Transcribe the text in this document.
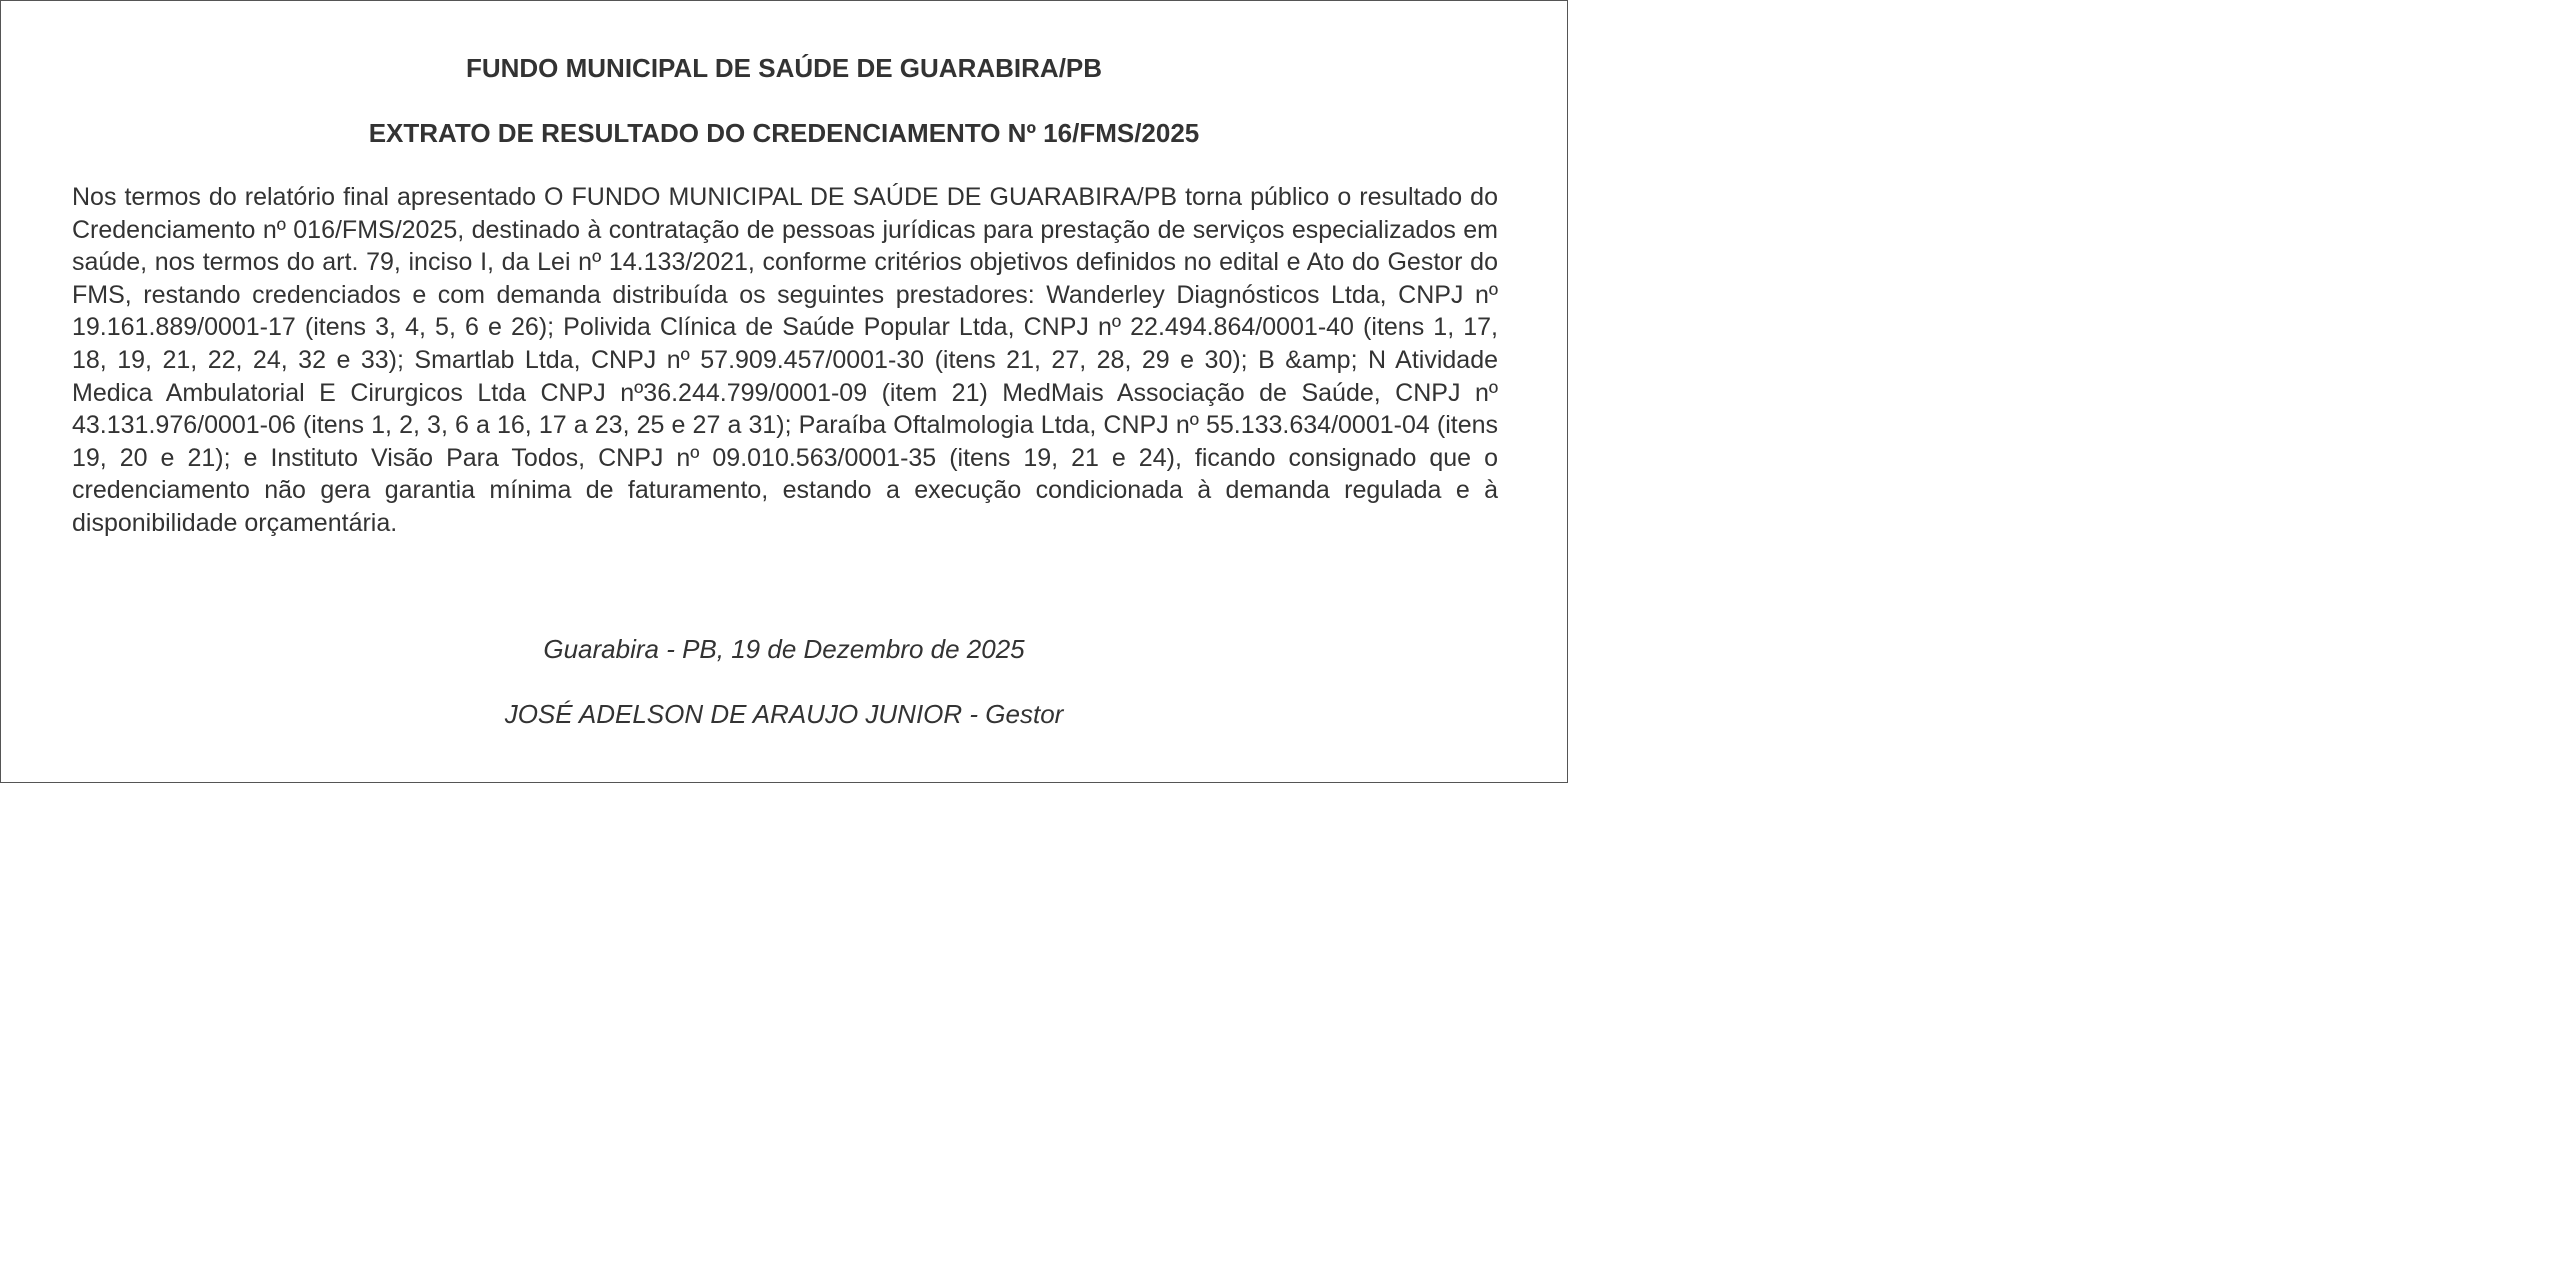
FUNDO MUNICIPAL DE SAÚDE DE GUARABIRA/PB
EXTRATO DE RESULTADO DO CREDENCIAMENTO Nº 16/FMS/2025

Nos termos do relatório final apresentado O FUNDO MUNICIPAL DE SAÚDE DE GUARABIRA/PB torna público o resultado do Credenciamento nº 016/FMS/2025, destinado à contratação de pessoas jurídicas para prestação de serviços especializados em saúde, nos termos do art. 79, inciso I, da Lei nº 14.133/2021, conforme critérios objetivos definidos no edital e Ato do Gestor do FMS, restando credenciados e com demanda distribuída os seguintes prestadores: Wanderley Diagnósticos Ltda, CNPJ nº 19.161.889/0001-17 (itens 3, 4, 5, 6 e 26); Polivida Clínica de Saúde Popular Ltda, CNPJ nº 22.494.864/0001-40 (itens 1, 17, 18, 19, 21, 22, 24, 32 e 33); Smartlab Ltda, CNPJ nº 57.909.457/0001-30 (itens 21, 27, 28, 29 e 30); B &amp; N Atividade Medica Ambulatorial E Cirurgicos Ltda CNPJ nº36.244.799/0001-09 (item 21) MedMais Associação de Saúde, CNPJ nº 43.131.976/0001-06 (itens 1, 2, 3, 6 a 16, 17 a 23, 25 e 27 a 31); Paraíba Oftalmologia Ltda, CNPJ nº 55.133.634/0001-04 (itens 19, 20 e 21); e Instituto Visão Para Todos, CNPJ nº 09.010.563/0001-35 (itens 19, 21 e 24), ficando consignado que o credenciamento não gera garantia mínima de faturamento, estando a execução condicionada à demanda regulada e à disponibilidade orçamentária.

Guarabira - PB, 19 de Dezembro de 2025

JOSÉ ADELSON DE ARAUJO JUNIOR - Gestor
